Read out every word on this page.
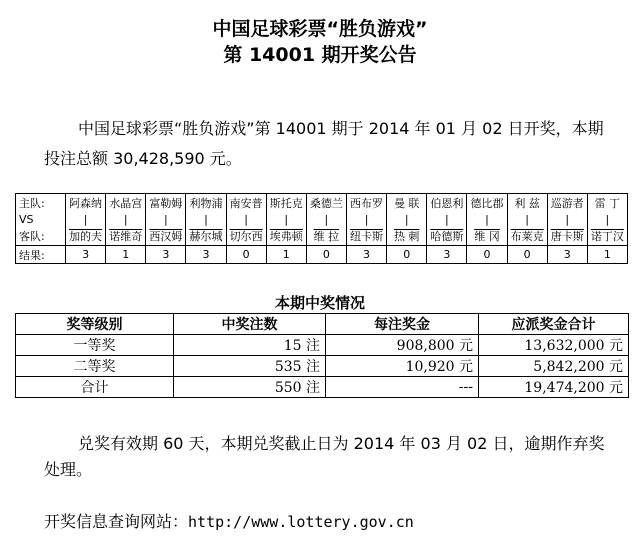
中国足球彩票“胜负游戏”
第 14001 期开奖公告

中国足球彩票“胜负游戏”第 14001 期于 2014 年 01 月 02 日开奖，本期投注总额 30,428,590 元。

主队:	阿森纳	水晶宫	富勒姆	利物浦	南安普	斯托克	桑德兰	西布罗	曼 联	伯恩利	德比郡	利 兹	巡游者	雷 丁
VS	|	|	|	|	|	|	|	|	|	|	|	|	|	|
客队:	加的夫	诺维奇	西汉姆	赫尔城	切尔西	埃弗顿	维 拉	纽卡斯	热 刺	哈德斯	维 冈	布莱克	唐卡斯	诺丁汉
结果:	3	1	3	3	0	1	0	3	0	3	0	0	3	1
本期中奖情况
奖等级别	中奖注数	每注奖金	应派奖金合计
一等奖	15 注	908,800 元	13,632,000 元
二等奖	535 注	10,920 元	5,842,200 元
合计	550 注	---	19,474,200 元

兑奖有效期 60 天，本期兑奖截止日为 2014 年 03 月 02 日，逾期作弃奖处理。

开奖信息查询网站：http://www.lottery.gov.cn
